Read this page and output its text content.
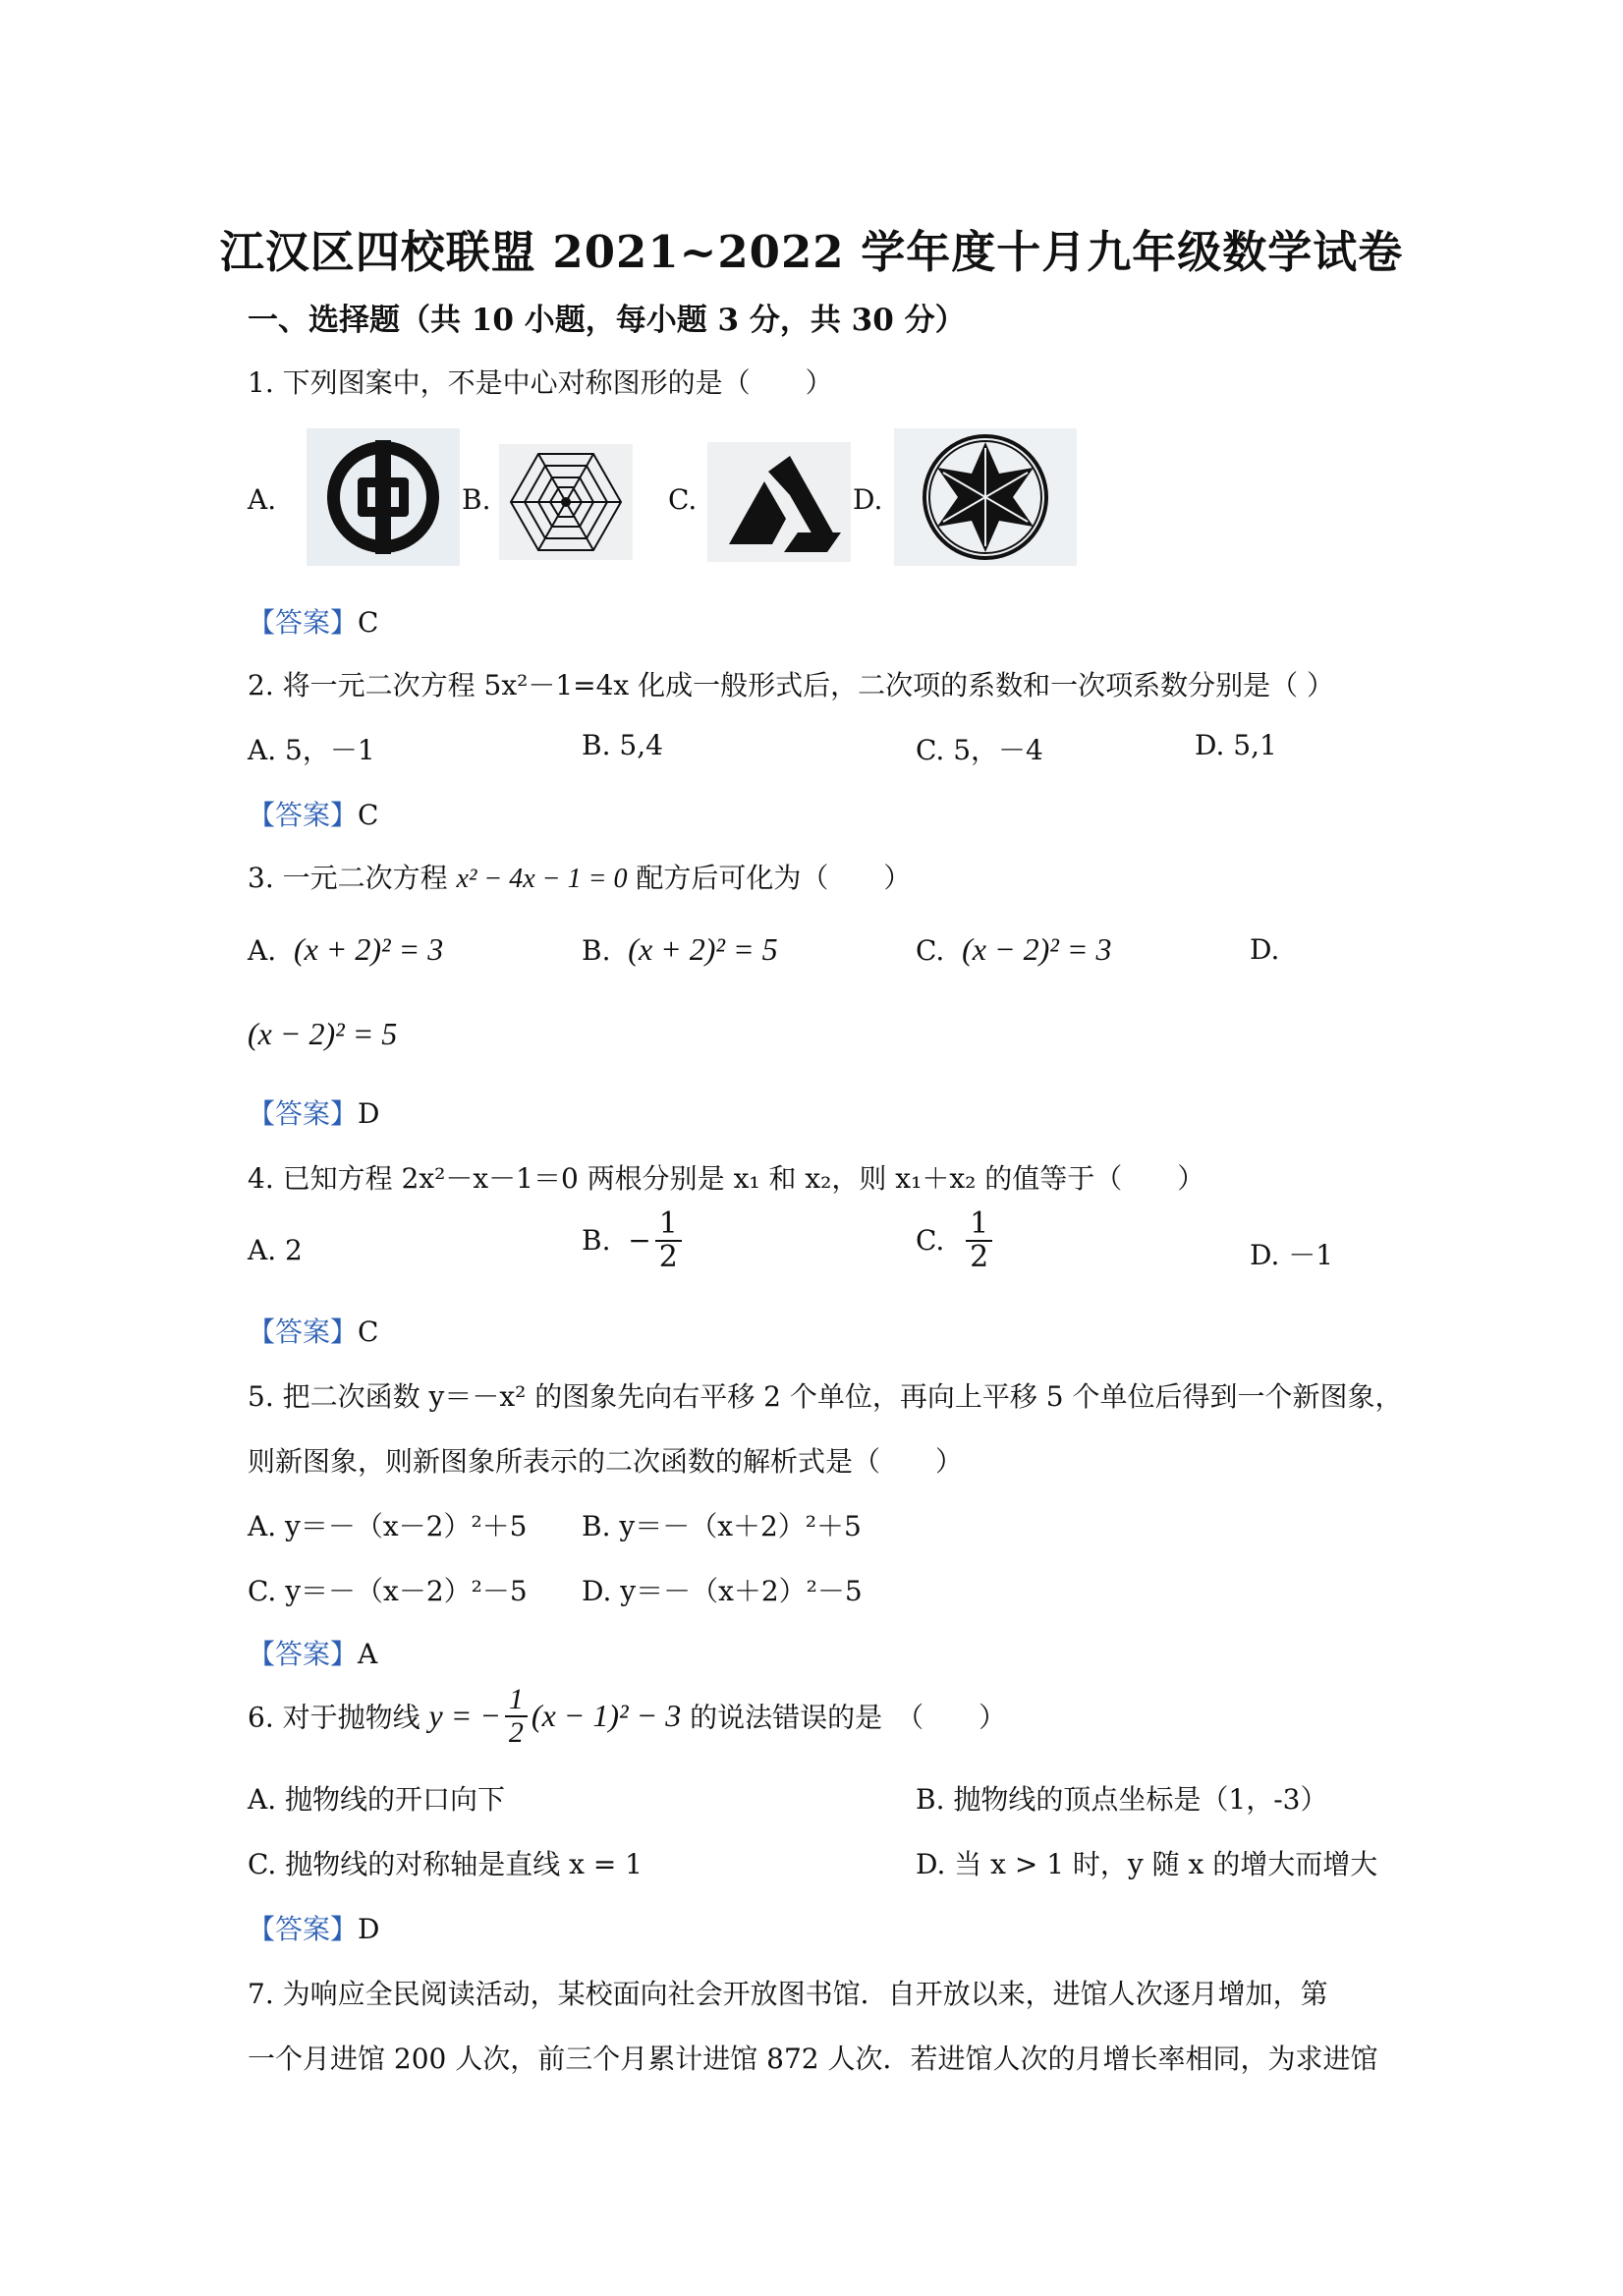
江汉区四校联盟 2021~2022 学年度十月九年级数学试卷
一、选择题（共 10 小题，每小题 3 分，共 30 分）
1. 下列图案中，不是中心对称图形的是（　　）
A.	B.	C.	D.
【答案】C
2. 将一元二次方程 5x²－1=4x 化成一般形式后，二次项的系数和一次项系数分别是（ ）
A. 5，－1	B. 5,4	C. 5，－4	D. 5,1
【答案】C
3. 一元二次方程 x² − 4x − 1 = 0 配方后可化为（　　）
A. (x + 2)² = 3	B. (x + 2)² = 5	C. (x − 2)² = 3	D.
(x − 2)² = 5
【答案】D
4. 已知方程 2x²－x－1＝0 两根分别是 x₁ 和 x₂，则 x₁＋x₂ 的值等于（　　）
A. 2	B. − $\frac{1}{2}$	C. $\frac{1}{2}$	D. －1
【答案】C
5. 把二次函数 y＝－x² 的图象先向右平移 2 个单位，再向上平移 5 个单位后得到一个新图象，
则新图象，则新图象所表示的二次函数的解析式是（　　）
A. y＝－（x－2）²＋5 B. y＝－（x＋2）²＋5
C. y＝－（x－2）²－5 D. y＝－（x＋2）²－5
【答案】A
6. 对于抛物线 y = − $\frac{1}{2} (x - 1)^2 - 3$ 的说法错误的是　（　　）
A. 抛物线的开口向下	B. 抛物线的顶点坐标是（1，-3）
C. 抛物线的对称轴是直线 x = 1	D. 当 x > 1 时，y 随 x 的增大而增大
【答案】D
7. 为响应全民阅读活动，某校面向社会开放图书馆．自开放以来，进馆人次逐月增加，第
一个月进馆 200 人次，前三个月累计进馆 872 人次．若进馆人次的月增长率相同，为求进馆
